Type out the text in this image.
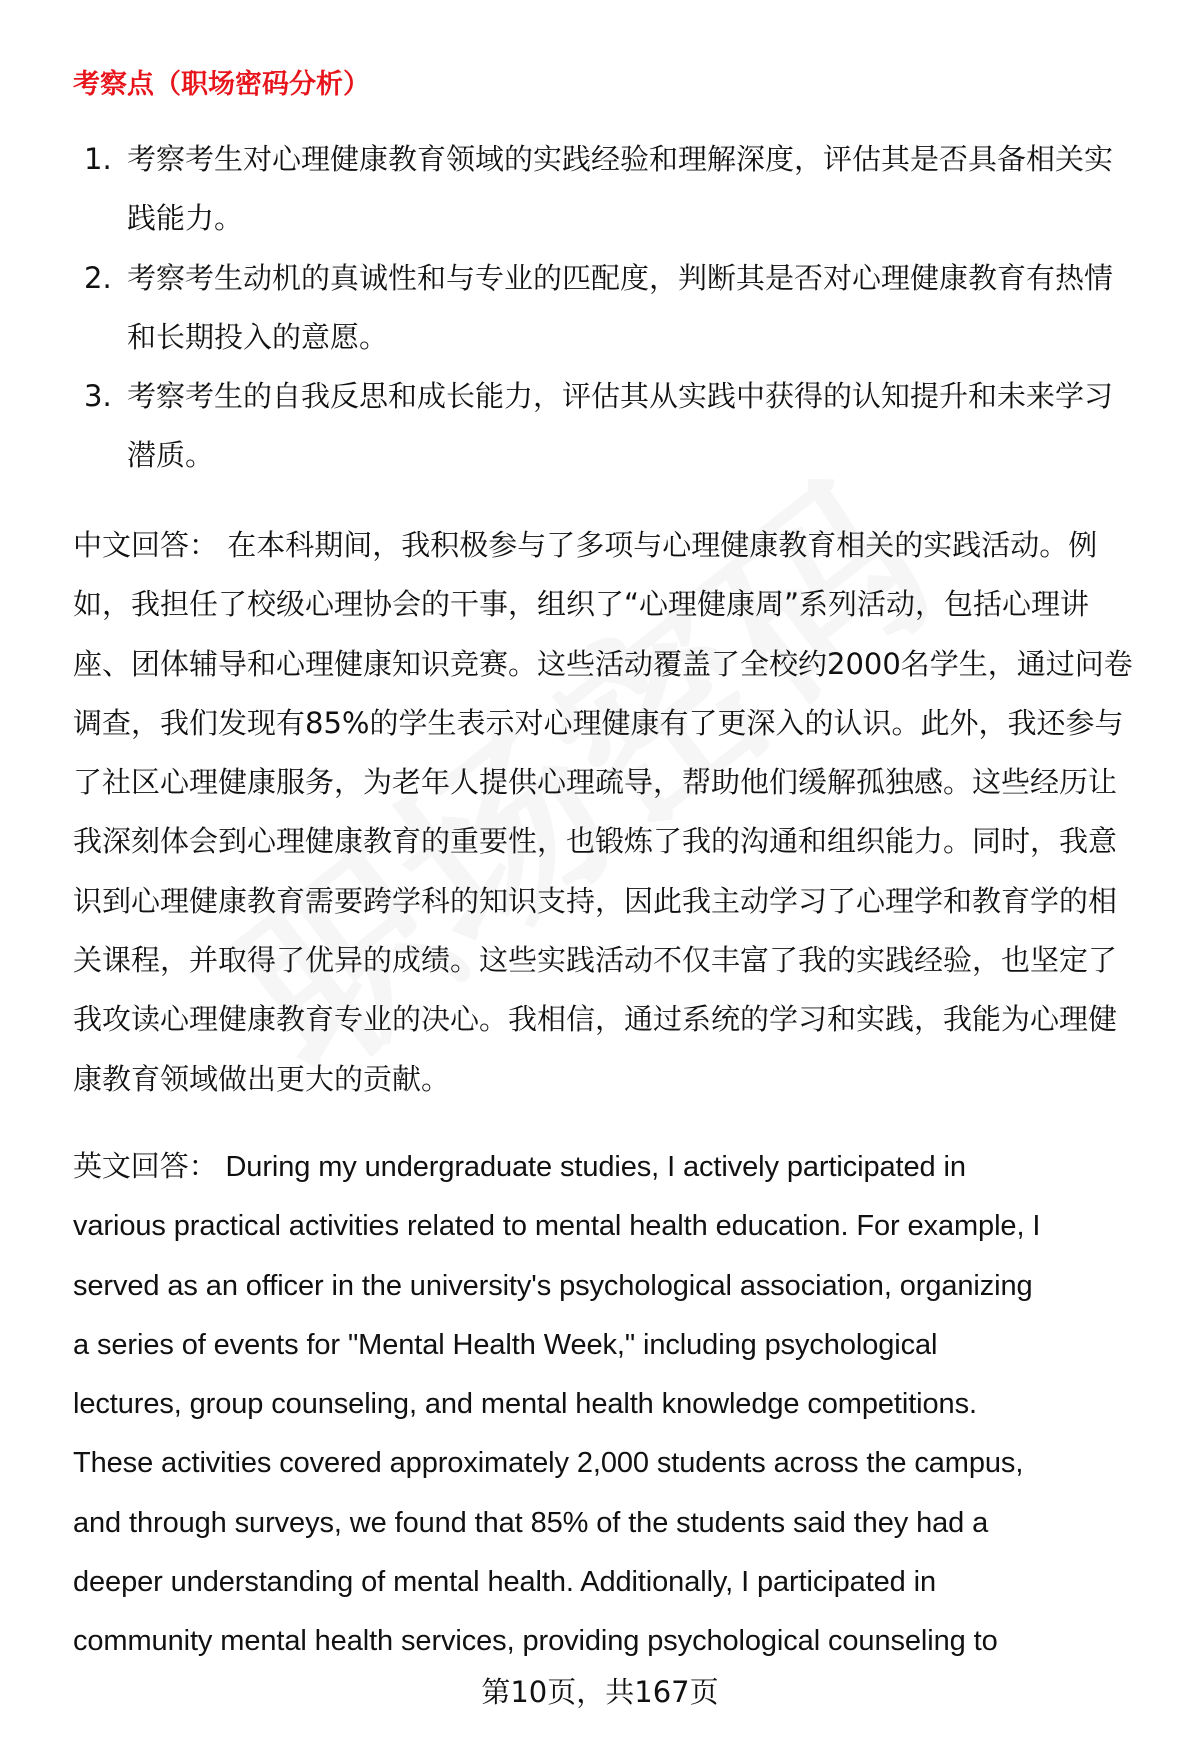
考察点（职场密码分析）
1. 考察考生对心理健康教育领域的实践经验和理解深度，评估其是否具备相关实
践能力。
2. 考察考生动机的真诚性和与专业的匹配度，判断其是否对心理健康教育有热情
和长期投入的意愿。
3. 考察考生的自我反思和成长能力，评估其从实践中获得的认知提升和未来学习
潜质。
中文回答： 在本科期间，我积极参与了多项与心理健康教育相关的实践活动。例
如，我担任了校级心理协会的干事，组织了“心理健康周”系列活动，包括心理讲
座、团体辅导和心理健康知识竞赛。这些活动覆盖了全校约2000名学生，通过问卷
调查，我们发现有85%的学生表示对心理健康有了更深入的认识。此外，我还参与
了社区心理健康服务，为老年人提供心理疏导，帮助他们缓解孤独感。这些经历让
我深刻体会到心理健康教育的重要性，也锻炼了我的沟通和组织能力。同时，我意
识到心理健康教育需要跨学科的知识支持，因此我主动学习了心理学和教育学的相
关课程，并取得了优异的成绩。这些实践活动不仅丰富了我的实践经验，也坚定了
我攻读心理健康教育专业的决心。我相信，通过系统的学习和实践，我能为心理健
康教育领域做出更大的贡献。
英文回答： During my undergraduate studies, I actively participated in
various practical activities related to mental health education. For example, I
served as an officer in the university's psychological association, organizing
a series of events for "Mental Health Week," including psychological
lectures, group counseling, and mental health knowledge competitions.
These activities covered approximately 2,000 students across the campus,
and through surveys, we found that 85% of the students said they had a
deeper understanding of mental health. Additionally, I participated in
community mental health services, providing psychological counseling to
第10页，共167页
